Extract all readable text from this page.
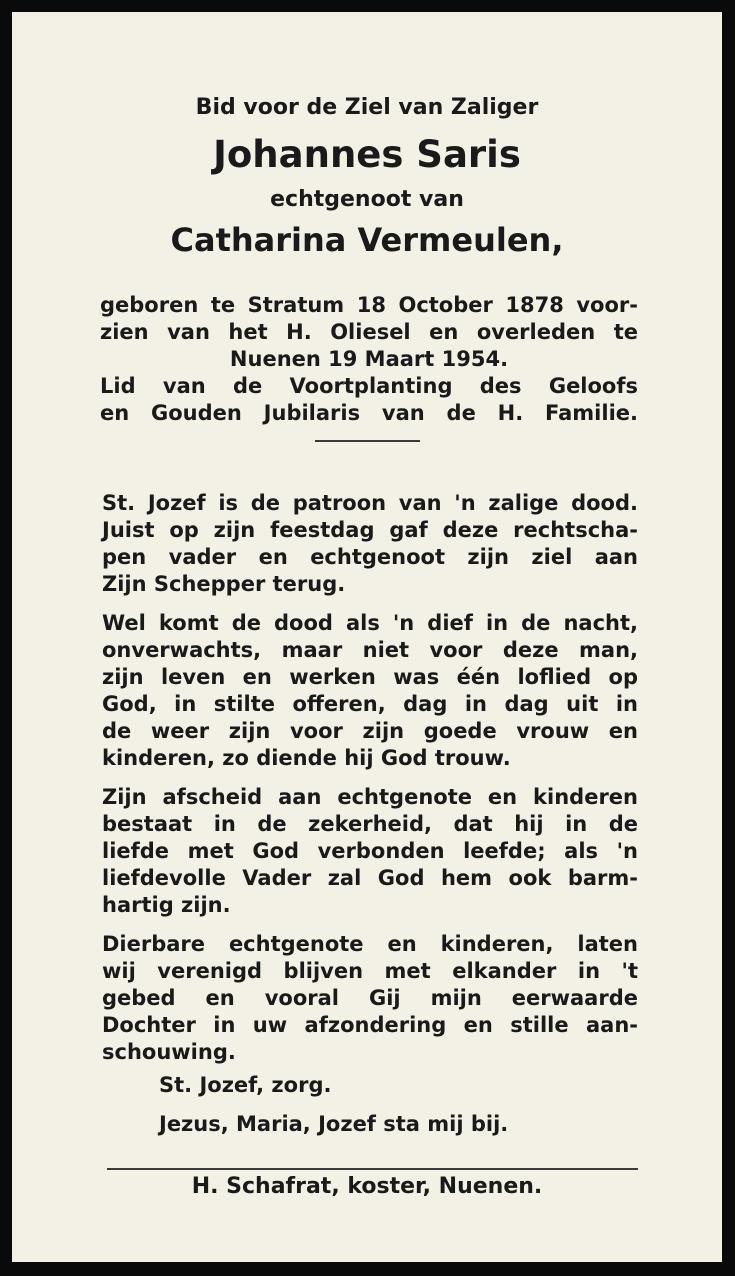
Bid voor de Ziel van Zaliger

Johannes Saris

echtgenoot van

Catharina Vermeulen,

geboren te Stratum 18 October 1878 voor-

zien van het H. Oliesel en overleden te

Nuenen 19 Maart 1954.

Lid van de Voortplanting des Geloofs

en Gouden Jubilaris van de H. Familie.

St. Jozef is de patroon van 'n zalige dood.
Juist op zijn feestdag gaf deze rechtscha-
pen vader en echtgenoot zijn ziel aan
Zijn Schepper terug.
Wel komt de dood als 'n dief in de nacht,
onverwachts, maar niet voor deze man,
zijn leven en werken was één loflied op
God, in stilte offeren, dag in dag uit in
de weer zijn voor zijn goede vrouw en
kinderen, zo diende hij God trouw.
Zijn afscheid aan echtgenote en kinderen
bestaat in de zekerheid, dat hij in de
liefde met God verbonden leefde; als 'n
liefdevolle Vader zal God hem ook barm-
hartig zijn.
Dierbare echtgenote en kinderen, laten
wij verenigd blijven met elkander in 't
gebed en vooral Gij mijn eerwaarde
Dochter in uw afzondering en stille aan-
schouwing.
St. Jozef, zorg.
Jezus, Maria, Jozef sta mij bij.
H. Schafrat, koster, Nuenen.
